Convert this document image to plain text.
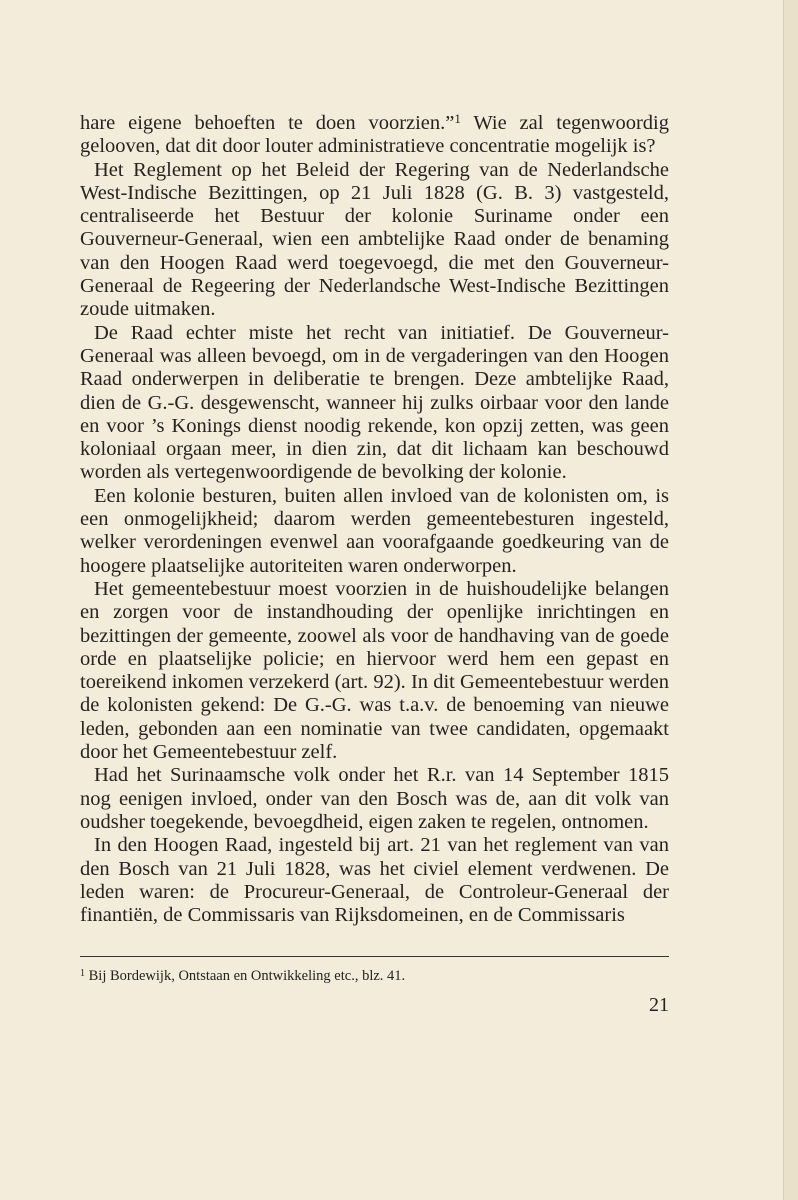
hare eigene behoeften te doen voorzien.”$^1$ Wie zal tegenwoordig gelooven, dat dit door louter administratieve concentratie mogelijk is?

Het Reglement op het Beleid der Regering van de Nederlandsche West-Indische Bezittingen, op 21 Juli 1828 (G. B. 3) vastgesteld, centraliseerde het Bestuur der kolonie Suriname onder een Gouverneur-Generaal, wien een ambtelijke Raad onder de benaming van den Hoogen Raad werd toegevoegd, die met den Gouverneur-Generaal de Regeering der Nederlandsche West-Indische Bezittingen zoude uitmaken.

De Raad echter miste het recht van initiatief. De Gouverneur-Generaal was alleen bevoegd, om in de vergaderingen van den Hoogen Raad onderwerpen in deliberatie te brengen. Deze ambtelijke Raad, dien de G.-G. desgewenscht, wanneer hij zulks oirbaar voor den lande en voor ’s Konings dienst noodig rekende, kon opzij zetten, was geen koloniaal orgaan meer, in dien zin, dat dit lichaam kan beschouwd worden als vertegenwoordigende de bevolking der kolonie.

Een kolonie besturen, buiten allen invloed van de kolonisten om, is een onmogelijkheid; daarom werden gemeentebesturen ingesteld, welker verordeningen evenwel aan voorafgaande goedkeuring van de hoogere plaatselijke autoriteiten waren onderworpen.

Het gemeentebestuur moest voorzien in de huishoudelijke belangen en zorgen voor de instandhouding der openlijke inrichtingen en bezittingen der gemeente, zoowel als voor de handhaving van de goede orde en plaatselijke policie; en hiervoor werd hem een gepast en toereikend inkomen verzekerd (art. 92). In dit Gemeentebestuur werden de kolonisten gekend: De G.-G. was t.a.v. de benoeming van nieuwe leden, gebonden aan een nominatie van twee candidaten, opgemaakt door het Gemeentebestuur zelf.

Had het Surinaamsche volk onder het R.r. van 14 September 1815 nog eenigen invloed, onder van den Bosch was de, aan dit volk van oudsher toegekende, bevoegdheid, eigen zaken te regelen, ontnomen.

In den Hoogen Raad, ingesteld bij art. 21 van het reglement van van den Bosch van 21 Juli 1828, was het civiel element verdwenen. De leden waren: de Procureur-Generaal, de Controleur-Generaal der finantiën, de Commissaris van Rijksdomeinen, en de Commissaris

$^1$ Bij Bordewijk, Ontstaan en Ontwikkeling etc., blz. 41.
21
